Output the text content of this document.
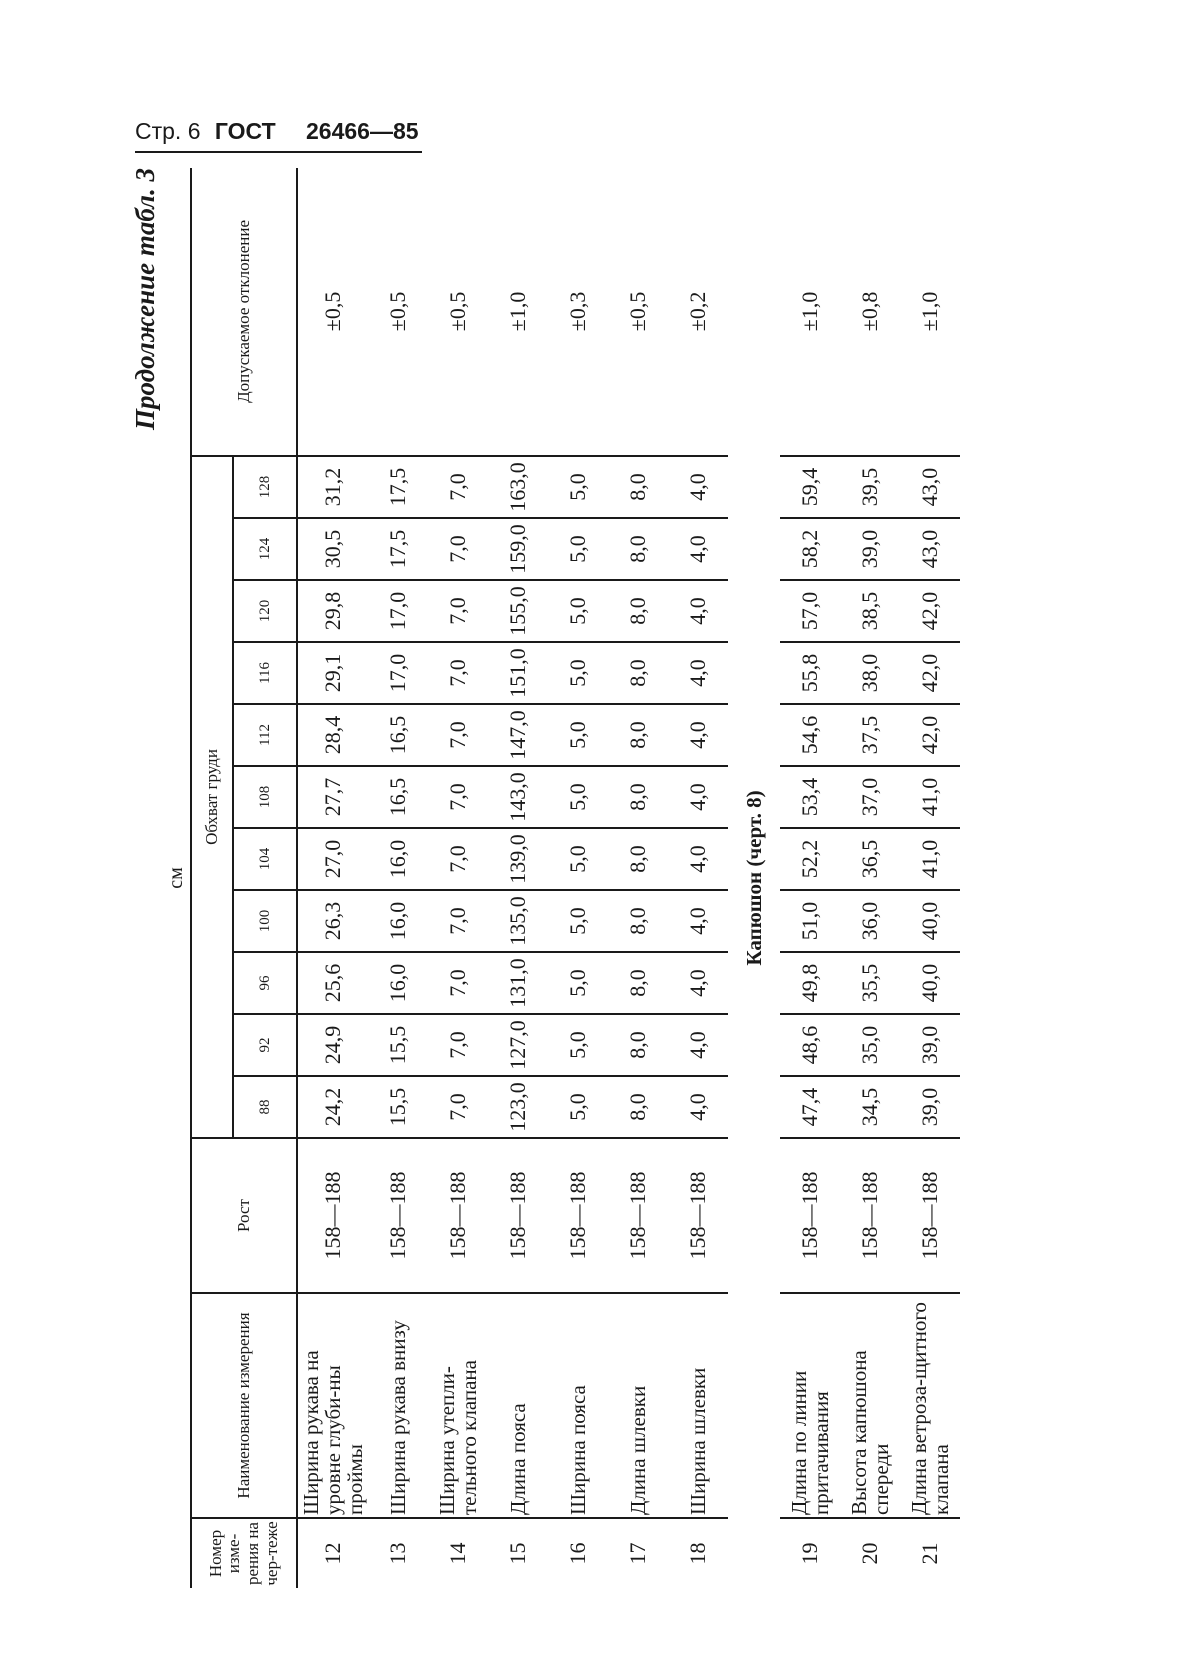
Стр. 6 ГОСТ 26466—85
Продолжение табл. 3
см
Номер изме-рения на чер-теже	Наименование измерения	Рост	Обхват груди											Допускаемое отклонение
			88	92	96	100	104	108	112	116	120	124	128	
12	Ширина рукава на уровне глуби-ны проймы	158—188	24,2	24,9	25,6	26,3	27,0	27,7	28,4	29,1	29,8	30,5	31,2	±0,5
13	Ширина рукава внизу	158—188	15,5	15,5	16,0	16,0	16,0	16,5	16,5	17,0	17,0	17,5	17,5	±0,5
14	Ширина утепли-тельного клапана	158—188	7,0	7,0	7,0	7,0	7,0	7,0	7,0	7,0	7,0	7,0	7,0	±0,5
15	Длина пояса	158—188	123,0	127,0	131,0	135,0	139,0	143,0	147,0	151,0	155,0	159,0	163,0	±1,0
16	Ширина пояса	158—188	5,0	5,0	5,0	5,0	5,0	5,0	5,0	5,0	5,0	5,0	5,0	±0,3
17	Длина шлевки	158—188	8,0	8,0	8,0	8,0	8,0	8,0	8,0	8,0	8,0	8,0	8,0	±0,5
18	Ширина шлевки	158—188	4,0	4,0	4,0	4,0	4,0	4,0	4,0	4,0	4,0	4,0	4,0	±0,2
Капюшон (черт. 8)														
19	Длина по линии притачивания	158—188	47,4	48,6	49,8	51,0	52,2	53,4	54,6	55,8	57,0	58,2	59,4	±1,0
20	Высота капюшона спереди	158—188	34,5	35,0	35,5	36,0	36,5	37,0	37,5	38,0	38,5	39,0	39,5	±0,8
21	Длина ветроза-щитного клапана	158—188	39,0	39,0	40,0	40,0	41,0	41,0	42,0	42,0	42,0	43,0	43,0	±1,0
